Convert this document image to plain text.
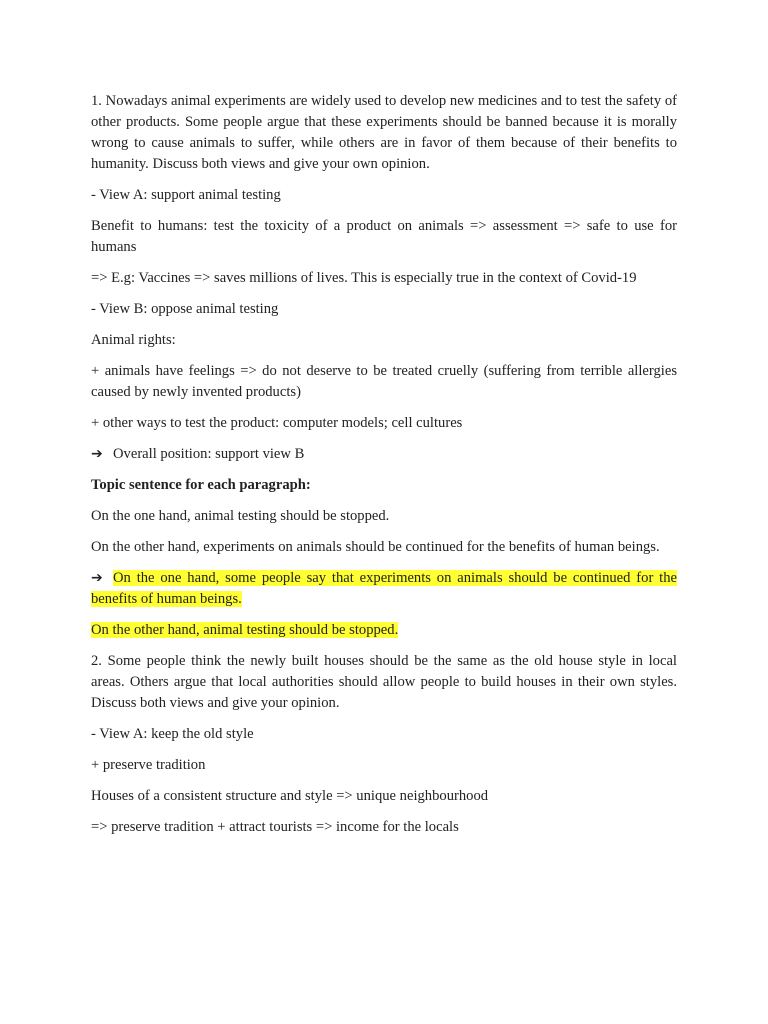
1. Nowadays animal experiments are widely used to develop new medicines and to test the safety of other products. Some people argue that these experiments should be banned because it is morally wrong to cause animals to suffer, while others are in favor of them because of their benefits to humanity. Discuss both views and give your own opinion.

- View A: support animal testing

Benefit to humans: test the toxicity of a product on animals => assessment => safe to use for humans

=> E.g: Vaccines => saves millions of lives. This is especially true in the context of Covid-19

- View B: oppose animal testing

Animal rights:

+ animals have feelings => do not deserve to be treated cruelly (suffering from terrible allergies caused by newly invented products)

+ other ways to test the product: computer models; cell cultures

➔ Overall position: support view B

Topic sentence for each paragraph:

On the one hand, animal testing should be stopped.

On the other hand, experiments on animals should be continued for the benefits of human beings.

➔ On the one hand, some people say that experiments on animals should be continued for the benefits of human beings.

On the other hand, animal testing should be stopped.

2. Some people think the newly built houses should be the same as the old house style in local areas. Others argue that local authorities should allow people to build houses in their own styles. Discuss both views and give your opinion.

- View A: keep the old style

+ preserve tradition

Houses of a consistent structure and style => unique neighbourhood

=> preserve tradition + attract tourists => income for the locals
